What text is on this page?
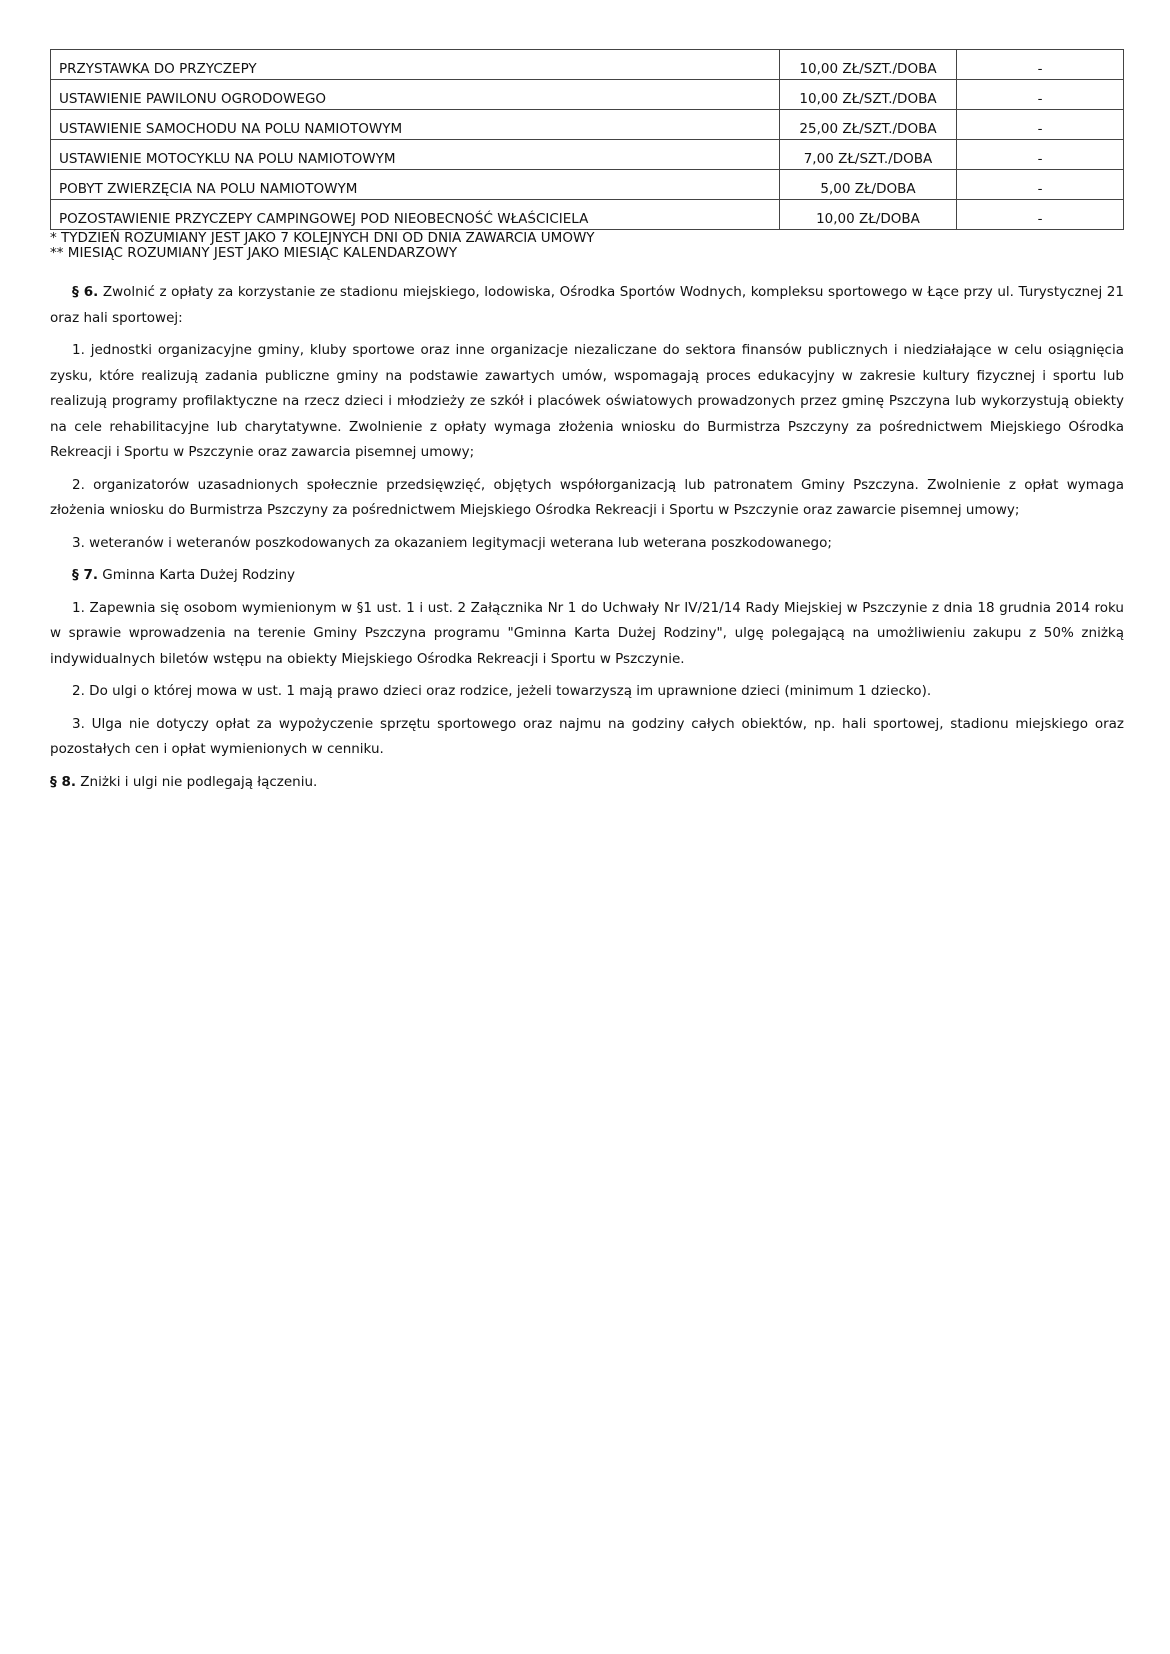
PRZYSTAWKA DO PRZYCZEPY	10,00 ZŁ/SZT./DOBA	-
USTAWIENIE PAWILONU OGRODOWEGO	10,00 ZŁ/SZT./DOBA	-
USTAWIENIE SAMOCHODU NA POLU NAMIOTOWYM	25,00 ZŁ/SZT./DOBA	-
USTAWIENIE MOTOCYKLU NA POLU NAMIOTOWYM	7,00 ZŁ/SZT./DOBA	-
POBYT ZWIERZĘCIA NA POLU NAMIOTOWYM	5,00 ZŁ/DOBA	-
POZOSTAWIENIE PRZYCZEPY CAMPINGOWEJ POD NIEOBECNOŚĆ WŁAŚCICIELA	10,00 ZŁ/DOBA	-
* TYDZIEŃ ROZUMIANY JEST JAKO 7 KOLEJNYCH DNI OD DNIA ZAWARCIA UMOWY
** MIESIĄC ROZUMIANY JEST JAKO MIESIĄC KALENDARZOWY

§ 6. Zwolnić z opłaty za korzystanie ze stadionu miejskiego, lodowiska, Ośrodka Sportów Wodnych, kompleksu sportowego w Łące przy ul. Turystycznej 21 oraz hali sportowej:

1. jednostki organizacyjne gminy, kluby sportowe oraz inne organizacje niezaliczane do sektora finansów publicznych i niedziałające w celu osiągnięcia zysku, które realizują zadania publiczne gminy na podstawie zawartych umów, wspomagają proces edukacyjny w zakresie kultury fizycznej i sportu lub realizują programy profilaktyczne na rzecz dzieci i młodzieży ze szkół i placówek oświatowych prowadzonych przez gminę Pszczyna lub wykorzystują obiekty na cele rehabilitacyjne lub charytatywne. Zwolnienie z opłaty wymaga złożenia wniosku do Burmistrza Pszczyny za pośrednictwem Miejskiego Ośrodka Rekreacji i Sportu w Pszczynie oraz zawarcia pisemnej umowy;

2. organizatorów uzasadnionych społecznie przedsięwzięć, objętych współorganizacją lub patronatem Gminy Pszczyna. Zwolnienie z opłat wymaga złożenia wniosku do Burmistrza Pszczyny za pośrednictwem Miejskiego Ośrodka Rekreacji i Sportu w Pszczynie oraz zawarcie pisemnej umowy;

3. weteranów i weteranów poszkodowanych za okazaniem legitymacji weterana lub weterana poszkodowanego;

§ 7. Gminna Karta Dużej Rodziny

1. Zapewnia się osobom wymienionym w §1 ust. 1 i ust. 2 Załącznika Nr 1 do Uchwały Nr IV/21/14 Rady Miejskiej w Pszczynie z dnia 18 grudnia 2014 roku w sprawie wprowadzenia na terenie Gminy Pszczyna programu "Gminna Karta Dużej Rodziny", ulgę polegającą na umożliwieniu zakupu z 50% zniżką indywidualnych biletów wstępu na obiekty Miejskiego Ośrodka Rekreacji i Sportu w Pszczynie.

2. Do ulgi o której mowa w ust. 1 mają prawo dzieci oraz rodzice, jeżeli towarzyszą im uprawnione dzieci (minimum 1 dziecko).

3. Ulga nie dotyczy opłat za wypożyczenie sprzętu sportowego oraz najmu na godziny całych obiektów, np. hali sportowej, stadionu miejskiego oraz pozostałych cen i opłat wymienionych w cenniku.

§ 8. Zniżki i ulgi nie podlegają łączeniu.
